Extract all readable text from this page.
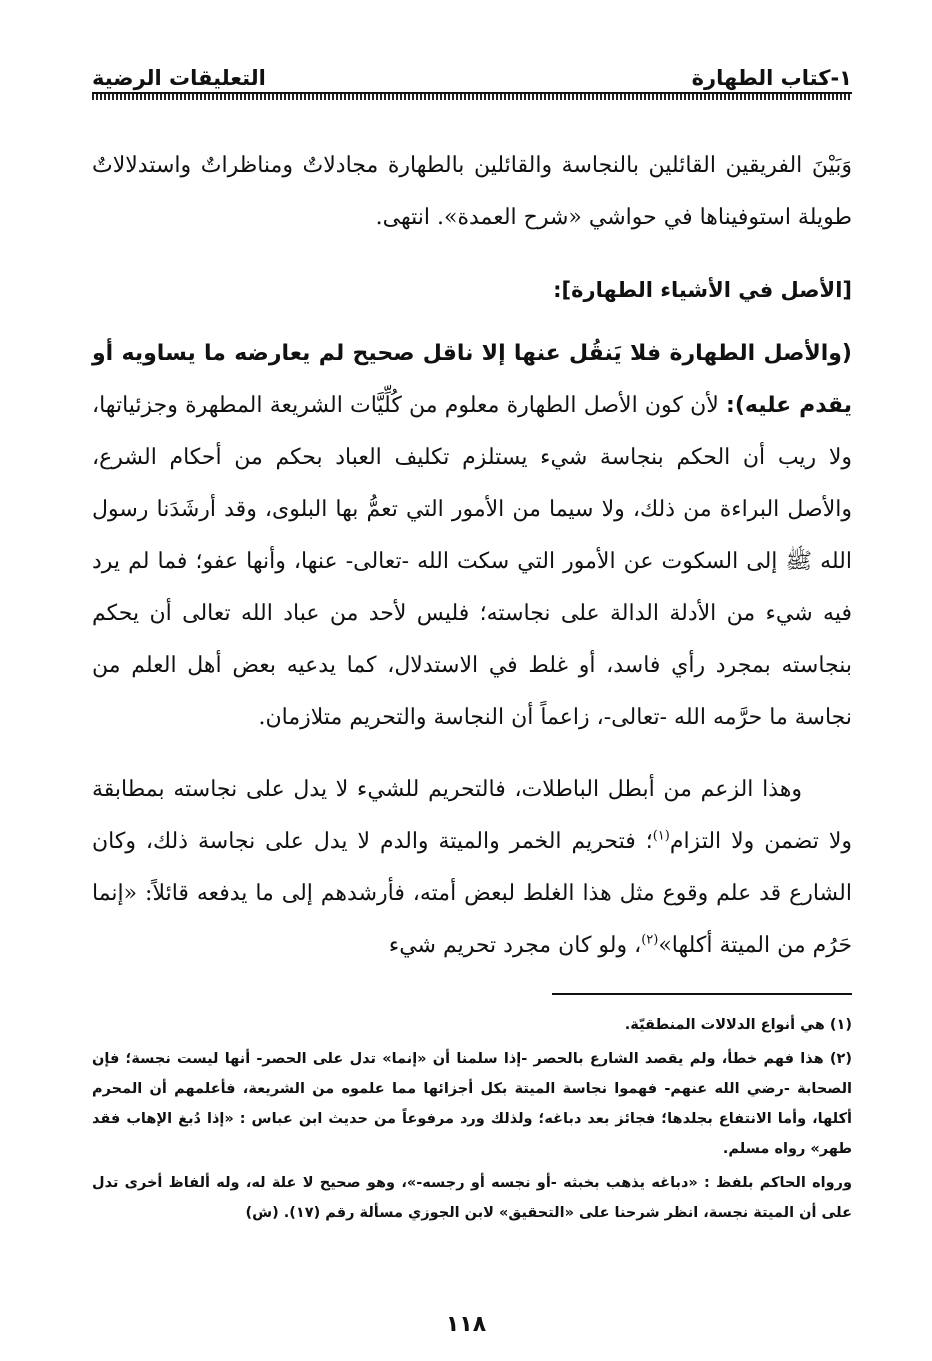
١-كتاب الطهارة
التعليقات الرضية

وَبَيْنَ الفريقين القائلين بالنجاسة والقائلين بالطهارة مجادلاتٌ ومناظراتٌ واستدلالاتٌ طويلة استوفيناها في حواشي «شرح العمدة». انتهى.

[الأصل في الأشياء الطهارة]:

(والأصل الطهارة فلا يَنقُل عنها إلا ناقل صحيح لم يعارضه ما يساويه أو يقدم عليه): لأن كون الأصل الطهارة معلوم من كُلِّيَّات الشريعة المطهرة وجزئياتها، ولا ريب أن الحكم بنجاسة شيء يستلزم تكليف العباد بحكم من أحكام الشرع، والأصل البراءة من ذلك، ولا سيما من الأمور التي تعمُّ بها البلوى، وقد أرشَدَنا رسول الله ﷺ إلى السكوت عن الأمور التي سكت الله -تعالى- عنها، وأنها عفو؛ فما لم يرد فيه شيء من الأدلة الدالة على نجاسته؛ فليس لأحد من عباد الله تعالى أن يحكم بنجاسته بمجرد رأي فاسد، أو غلط في الاستدلال، كما يدعيه بعض أهل العلم من نجاسة ما حرَّمه الله -تعالى-، زاعماً أن النجاسة والتحريم متلازمان.

وهذا الزعم من أبطل الباطلات، فالتحريم للشيء لا يدل على نجاسته بمطابقة ولا تضمن ولا التزام$^{(١)}$؛ فتحريم الخمر والميتة والدم لا يدل على نجاسة ذلك، وكان الشارع قد علم وقوع مثل هذا الغلط لبعض أمته، فأرشدهم إلى ما يدفعه قائلاً: «إنما حَرُم من الميتة أكلها»$^{(٢)}$، ولو كان مجرد تحريم شيء

(١) هي أنواع الدلالات المنطقيّة.

(٢) هذا فهم خطأ، ولم يقصد الشارع بالحصر -إذا سلمنا أن «إنما» تدل على الحصر- أنها ليست نجسة؛ فإن الصحابة -رضي الله عنهم- فهموا نجاسة الميتة بكل أجزائها مما علموه من الشريعة، فأعلمهم أن المحرم أكلها، وأما الانتفاع بجلدها؛ فجائز بعد دباغه؛ ولذلك ورد مرفوعاً من حديث ابن عباس : «إذا دُبغ الإهاب فقد طهر» رواه مسلم.

ورواه الحاكم بلفظ : «دباغه يذهب بخبثه -أو نجسه أو رجسه-»، وهو صحيح لا علة له، وله ألفاظ أخرى تدل على أن الميتة نجسة، انظر شرحنا على «التحقيق» لابن الجوزي مسألة رقم (١٧). (ش)

١١٨
